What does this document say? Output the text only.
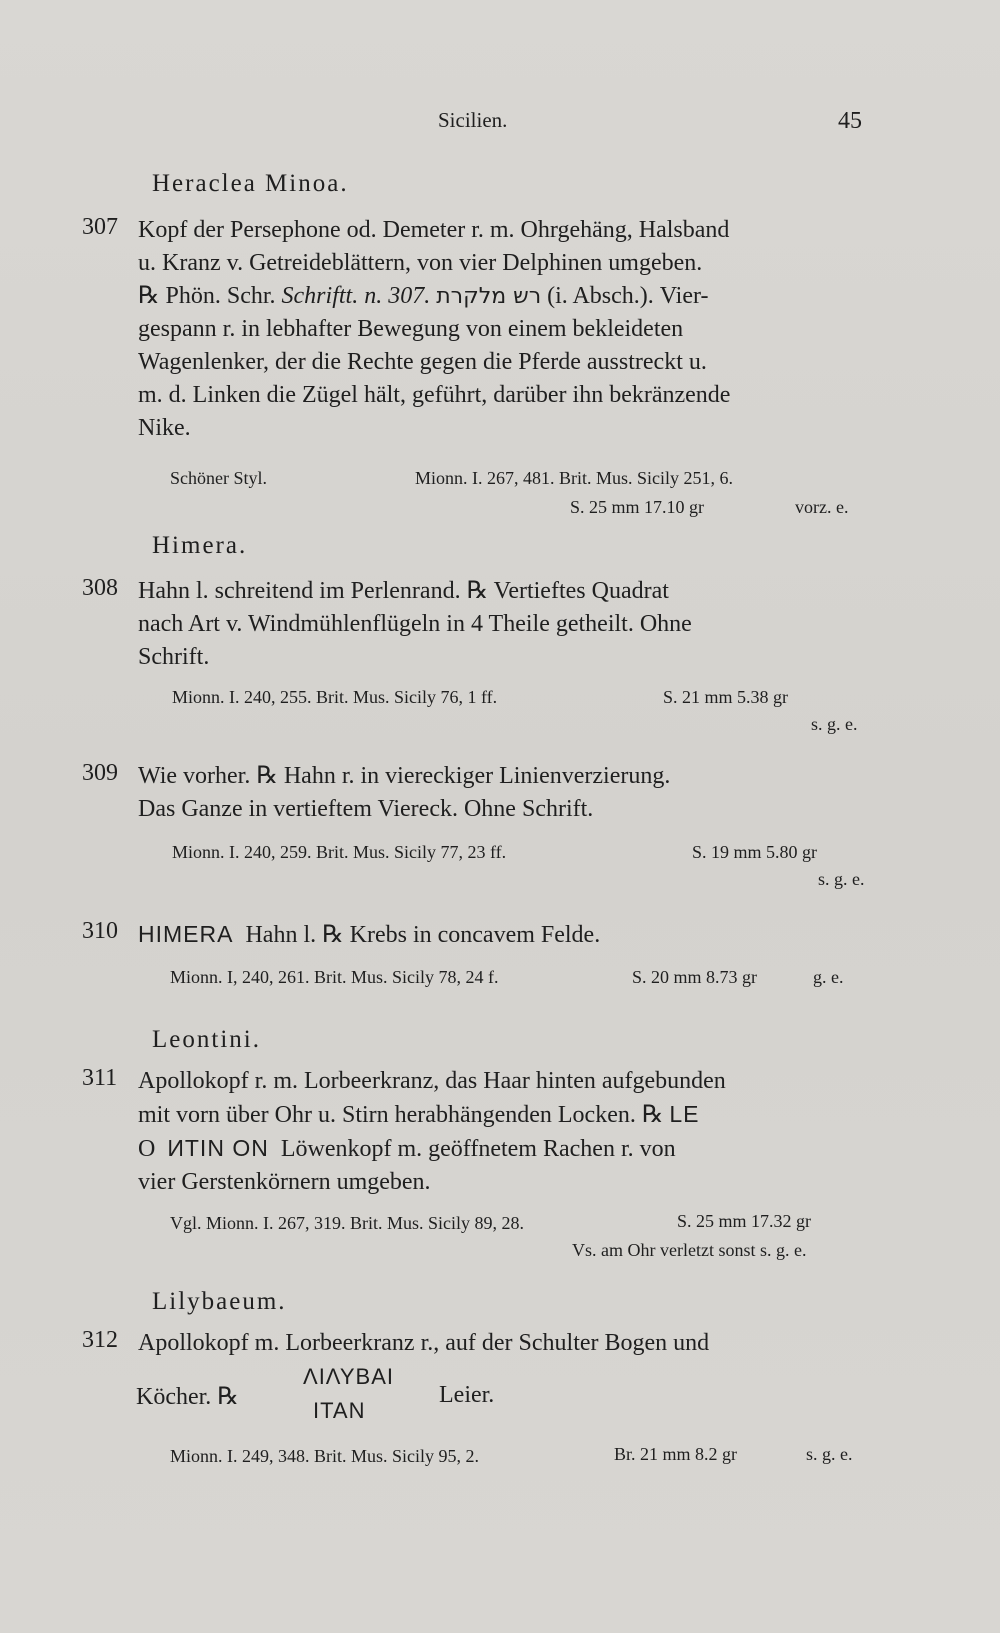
Sicilien.	45
Heraclea Minoa.
307 Kopf der Persephone od. Demeter r. m. Ohrgehäng, Halsband
u. Kranz v. Getreideblättern, von vier Delphinen umgeben.
℞ Phön. Schr. Schriftt. n. 307. רש מלקרת (i. Absch.). Vier-
gespann r. in lebhafter Bewegung von einem bekleideten
Wagenlenker, der die Rechte gegen die Pferde ausstreckt u.
m. d. Linken die Zügel hält, geführt, darüber ihn bekränzende
Nike.
Schöner Styl.	Mionn. I. 267, 481. Brit. Mus. Sicily 251, 6.
S. 25 mm 17.10 gr	vorz. e.
Himera.
308 Hahn l. schreitend im Perlenrand. ℞ Vertieftes Quadrat
nach Art v. Windmühlenflügeln in 4 Theile getheilt. Ohne
Schrift.
Mionn. I. 240, 255. Brit. Mus. Sicily 76, 1 ff.	S. 21 mm 5.38 gr
s. g. e.
309 Wie vorher. ℞ Hahn r. in viereckiger Linienverzierung.
Das Ganze in vertieftem Viereck. Ohne Schrift.
Mionn. I. 240, 259. Brit. Mus. Sicily 77, 23 ff.	S. 19 mm 5.80 gr
s. g. e.
310 HIMERA Hahn l. ℞ Krebs in concavem Felde.
Mionn. I, 240, 261. Brit. Mus. Sicily 78, 24 f.	S. 20 mm 8.73 gr	g. e.
Leontini.
311 Apollokopf r. m. Lorbeerkranz, das Haar hinten aufgebunden
mit vorn über Ohr u. Stirn herabhängenden Locken. ℞ LE
O ИTIN ON Löwenkopf m. geöffnetem Rachen r. von
vier Gerstenkörnern umgeben.
Vgl. Mionn. I. 267, 319. Brit. Mus. Sicily 89, 28.	S. 25 mm 17.32 gr
Vs. am Ohr verletzt sonst s. g. e.
Lilybaeum.
312 Apollokopf m. Lorbeerkranz r., auf der Schulter Bogen und
Köcher. ℞
ΛΙΛΥΒΑΙ
ITAN
Leier.
Mionn. I. 249, 348. Brit. Mus. Sicily 95, 2.	Br. 21 mm 8.2 gr	s. g. e.
